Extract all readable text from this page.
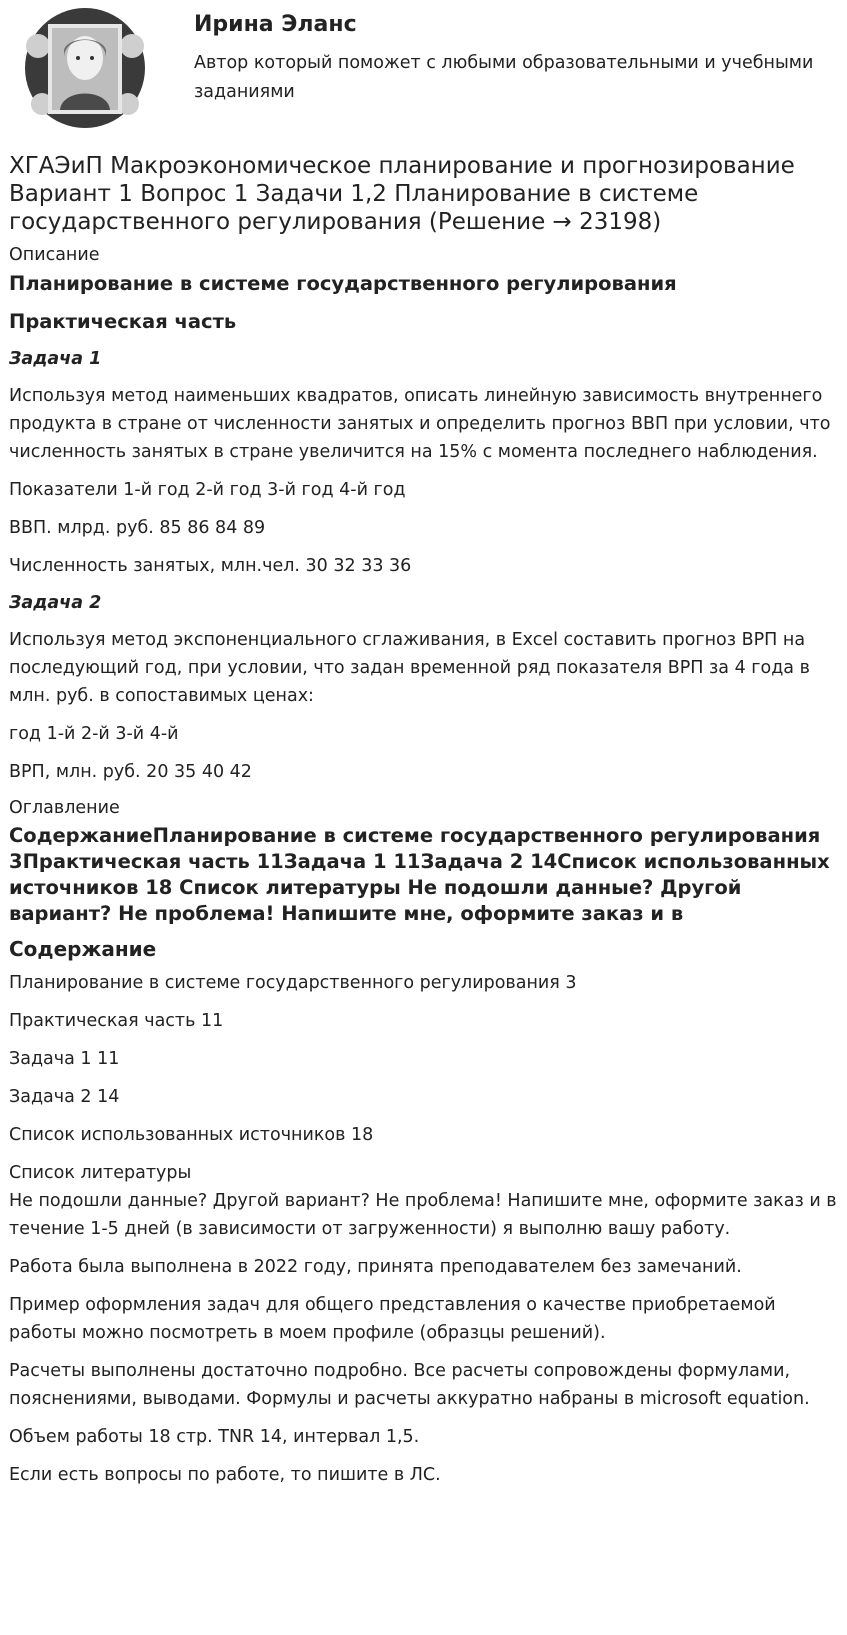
Ирина Эланс
Автор который поможет с любыми образовательными и учебными заданиями
ХГАЭиП Макроэкономическое планирование и прогнозирование Вариант 1 Вопрос 1 Задачи 1,2 Планирование в системе государственного регулирования (Решение → 23198)
Описание
Планирование в системе государственного регулирования
Практическая часть
Задача 1

Используя метод наименьших квадратов, описать линейную зависимость внутреннего продукта в стране от численности занятых и определить прогноз ВВП при условии, что численность занятых в стране увеличится на 15% с момента последнего наблюдения.

Показатели 1-й год 2-й год 3-й год 4-й год

ВВП. млрд. руб. 85 86 84 89

Численность занятых, млн.чел. 30 32 33 36

Задача 2

Используя метод экспоненциального сглаживания, в Excel составить прогноз ВРП на последующий год, при условии, что задан временной ряд показателя ВРП за 4 года в млн. руб. в сопоставимых ценах:

год 1-й 2-й 3-й 4-й

ВРП, млн. руб. 20 35 40 42

Оглавление
СодержаниеПланирование в системе государственного регулирования 3Практическая часть 11Задача 1 11Задача 2 14Список использованных источников 18 Список литературы Не подошли данные? Другой вариант? Не проблема! Напишите мне, оформите заказ и в
Содержание

Планирование в системе государственного регулирования 3

Практическая часть 11

Задача 1 11

Задача 2 14

Список использованных источников 18

Список литературы

Не подошли данные? Другой вариант? Не проблема! Напишите мне, оформите заказ и в течение 1-5 дней (в зависимости от загруженности) я выполню вашу работу.

Работа была выполнена в 2022 году, принята преподавателем без замечаний.

Пример оформления задач для общего представления о качестве приобретаемой работы можно посмотреть в моем профиле (образцы решений).

Расчеты выполнены достаточно подробно. Все расчеты сопровождены формулами, пояснениями, выводами. Формулы и расчеты аккуратно набраны в microsoft equation.

Объем работы 18 стр. TNR 14, интервал 1,5.

Если есть вопросы по работе, то пишите в ЛС.
